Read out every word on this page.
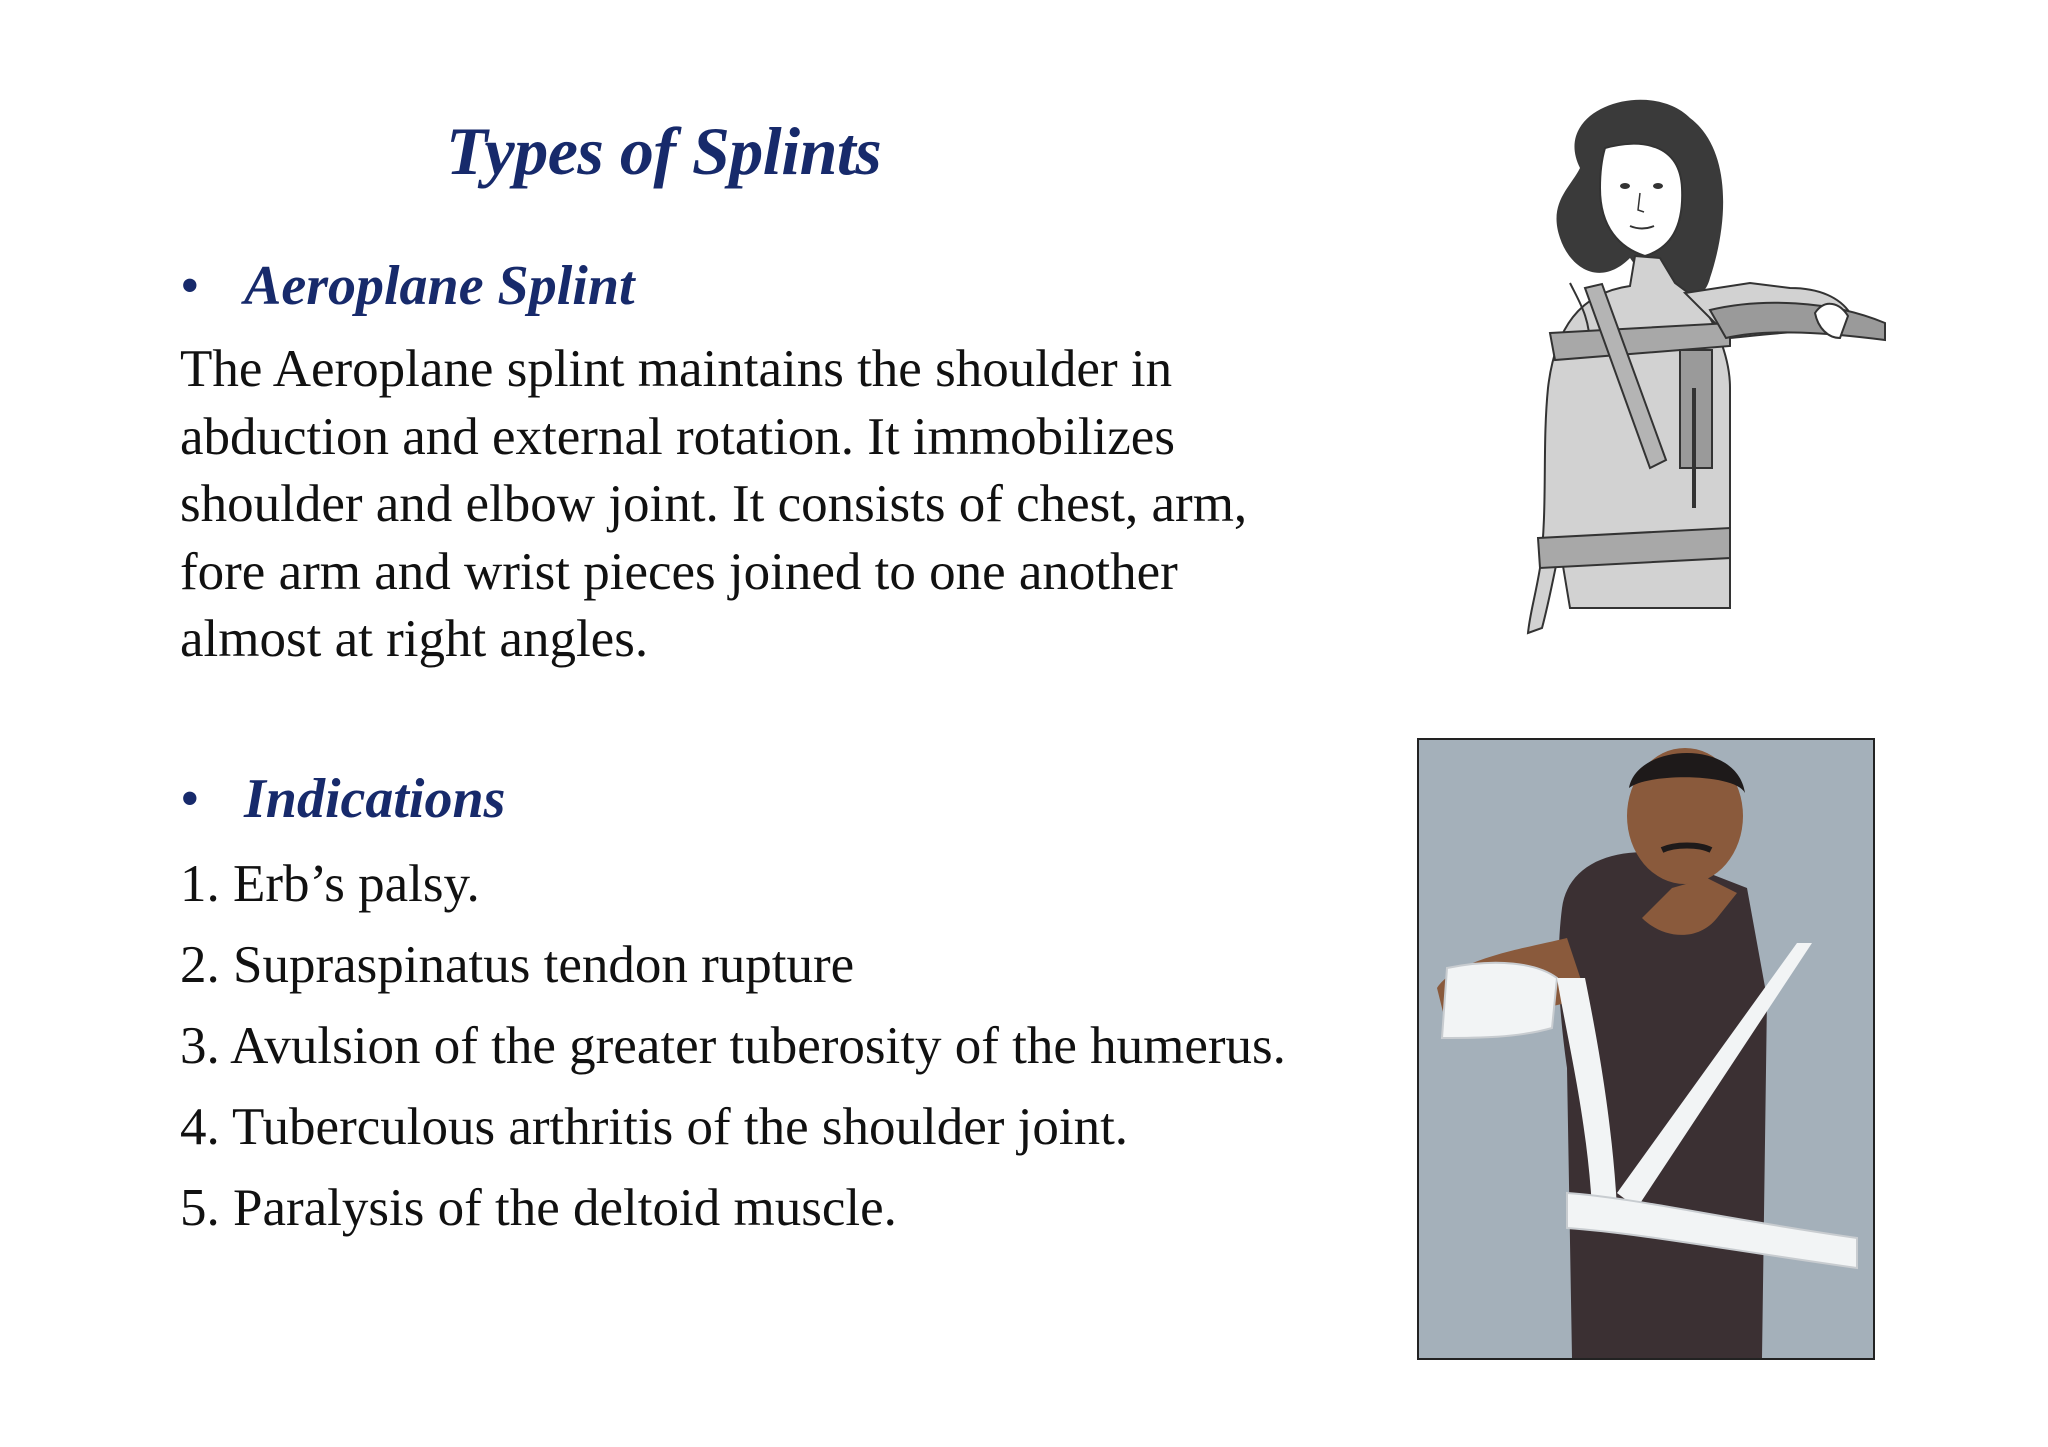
Types of Splints
• Aeroplane Splint

The Aeroplane splint maintains the shoulder in
abduction and external rotation. It immobilizes
shoulder and elbow joint. It consists of chest, arm,
fore arm and wrist pieces joined to one another
almost at right angles.

• Indications
1. Erb’s palsy.
2. Supraspinatus tendon rupture
3. Avulsion of the greater tuberosity of the humerus.
4. Tuberculous arthritis of the shoulder joint.
5. Paralysis of the deltoid muscle.
